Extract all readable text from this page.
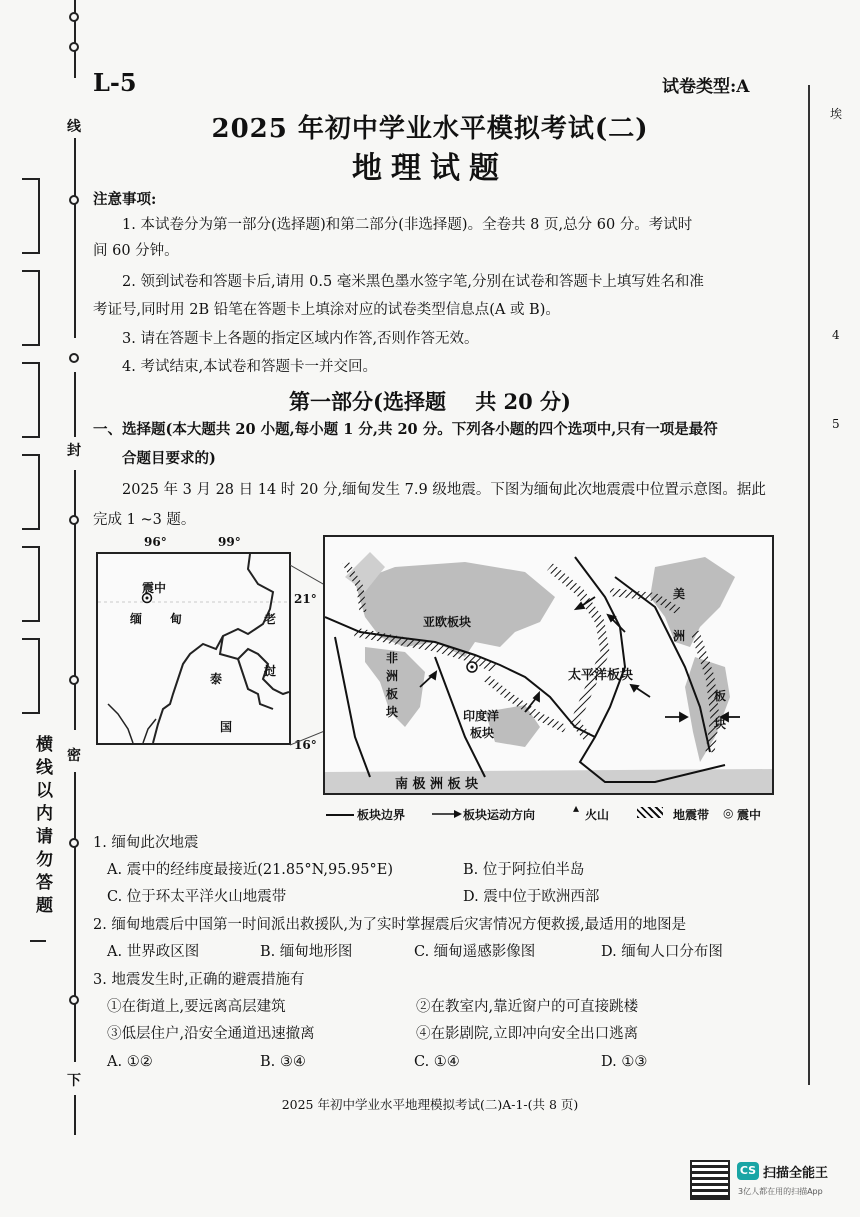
线
封
密
下
横线以内请勿答题
埃
4
5
L-5	试卷类型:A
2025 年初中学业水平模拟考试(二)
地理试题
注意事项:
1. 本试卷分为第一部分(选择题)和第二部分(非选择题)。全卷共 8 页,总分 60 分。考试时
间 60 分钟。
2. 领到试卷和答题卡后,请用 0.5 毫米黑色墨水签字笔,分别在试卷和答题卡上填写姓名和准
考证号,同时用 2B 铅笔在答题卡上填涂对应的试卷类型信息点(A 或 B)。
3. 请在答题卡上各题的指定区域内作答,否则作答无效。
4. 考试结束,本试卷和答题卡一并交回。
第一部分(选择题    共 20 分)
一、选择题(本大题共 20 小题,每小题 1 分,共 20 分。下列各小题的四个选项中,只有一项是最符
合题目要求的)
2025 年 3 月 28 日 14 时 20 分,缅甸发生 7.9 级地震。下图为缅甸此次地震震中位置示意图。据此
完成 1 ~3 题。
震中
缅 甸
泰
国
老
挝
96°	99°
21°
16°
亚欧板块
太平洋板块
印度洋
板块
非
洲
板
块
美
洲
板
块
南 极 洲 板 块
板块边界	板块运动方向	▴ 火山	地震带 ◎ 震中
1. 缅甸此次地震
A. 震中的经纬度最接近(21.85°N,95.95°E)	B. 位于阿拉伯半岛
C. 位于环太平洋火山地震带	D. 震中位于欧洲西部
2. 缅甸地震后中国第一时间派出救援队,为了实时掌握震后灾害情况方便救援,最适用的地图是
A. 世界政区图	B. 缅甸地形图	C. 缅甸遥感影像图	D. 缅甸人口分布图
3. 地震发生时,正确的避震措施有
①在街道上,要远离高层建筑	②在教室内,靠近窗户的可直接跳楼
③低层住户,沿安全通道迅速撤离	④在影剧院,立即冲向安全出口逃离
A. ①②	B. ③④	C. ①④	D. ①③
2025 年初中学业水平地理模拟考试(二)A-1-(共 8 页)
CS 扫描全能王
3亿人都在用的扫描App
